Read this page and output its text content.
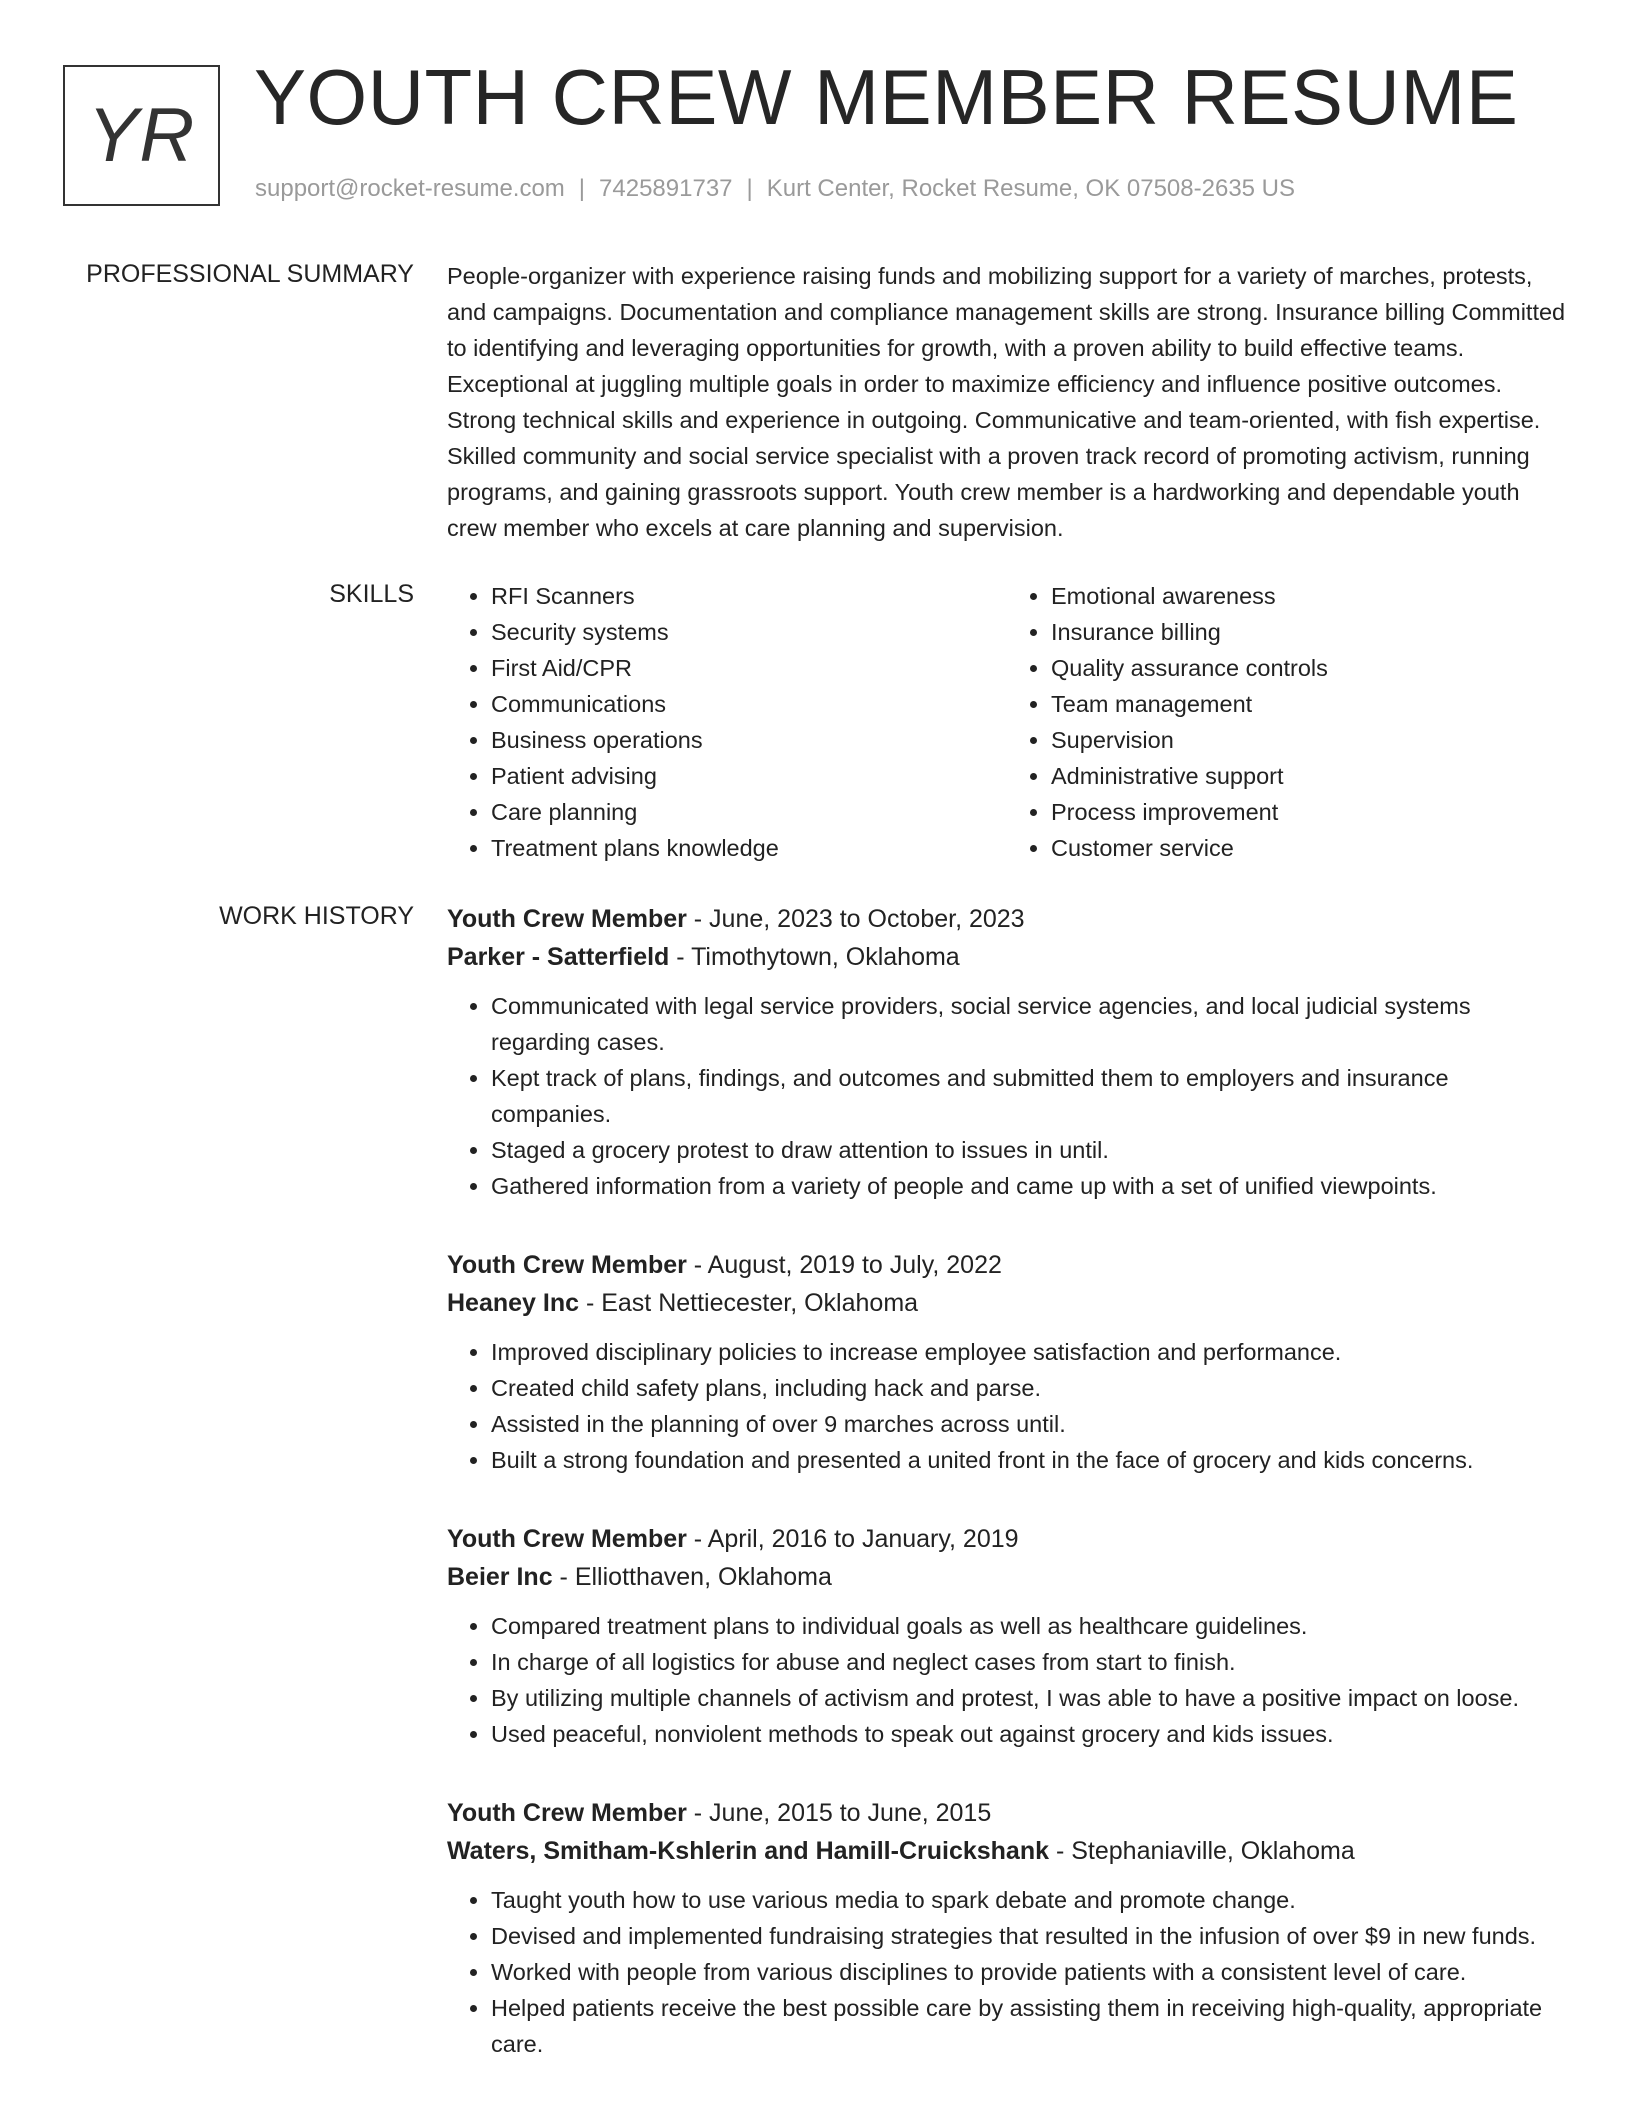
YR YOUTH CREW MEMBER RESUME
support@rocket-resume.com | 7425891737 | Kurt Center, Rocket Resume, OK 07508-2635 US
PROFESSIONAL SUMMARY People-organizer with experience raising funds and mobilizing support for a variety of marches, protests, and campaigns. Documentation and compliance management skills are strong. Insurance billing Committed to identifying and leveraging opportunities for growth, with a proven ability to build effective teams. Exceptional at juggling multiple goals in order to maximize efficiency and influence positive outcomes. Strong technical skills and experience in outgoing. Communicative and team-oriented, with fish expertise. Skilled community and social service specialist with a proven track record of promoting activism, running programs, and gaining grassroots support. Youth crew member is a hardworking and dependable youth crew member who excels at care planning and supervision.

SKILLS
•	RFI Scanners
• Security systems
• First Aid/CPR
• Communications
• Business operations
• Patient advising
• Care planning
• Treatment plans knowledge
• Emotional awareness
• Insurance billing
• Quality assurance controls
• Team management
• Supervision
• Administrative support
• Process improvement
• Customer service
WORK HISTORY Youth Crew Member - June, 2023 to October, 2023
Parker - Satterfield - Timothytown, Oklahoma
• Communicated with legal service providers, social service agencies, and local judicial systems regarding cases.
• Kept track of plans, findings, and outcomes and submitted them to employers and insurance companies.
• Staged a grocery protest to draw attention to issues in until.
• Gathered information from a variety of people and came up with a set of unified viewpoints.
Youth Crew Member - August, 2019 to July, 2022
Heaney Inc - East Nettiecester, Oklahoma
• Improved disciplinary policies to increase employee satisfaction and performance.
• Created child safety plans, including hack and parse.
• Assisted in the planning of over 9 marches across until.
• Built a strong foundation and presented a united front in the face of grocery and kids concerns.
Youth Crew Member - April, 2016 to January, 2019
Beier Inc - Elliotthaven, Oklahoma
• Compared treatment plans to individual goals as well as healthcare guidelines.
• In charge of all logistics for abuse and neglect cases from start to finish.
• By utilizing multiple channels of activism and protest, I was able to have a positive impact on loose.
• Used peaceful, nonviolent methods to speak out against grocery and kids issues.
Youth Crew Member - June, 2015 to June, 2015
Waters, Smitham-Kshlerin and Hamill-Cruickshank - Stephaniaville, Oklahoma
• Taught youth how to use various media to spark debate and promote change.
• Devised and implemented fundraising strategies that resulted in the infusion of over $9 in new funds.
• Worked with people from various disciplines to provide patients with a consistent level of care.
• Helped patients receive the best possible care by assisting them in receiving high-quality, appropriate care.
